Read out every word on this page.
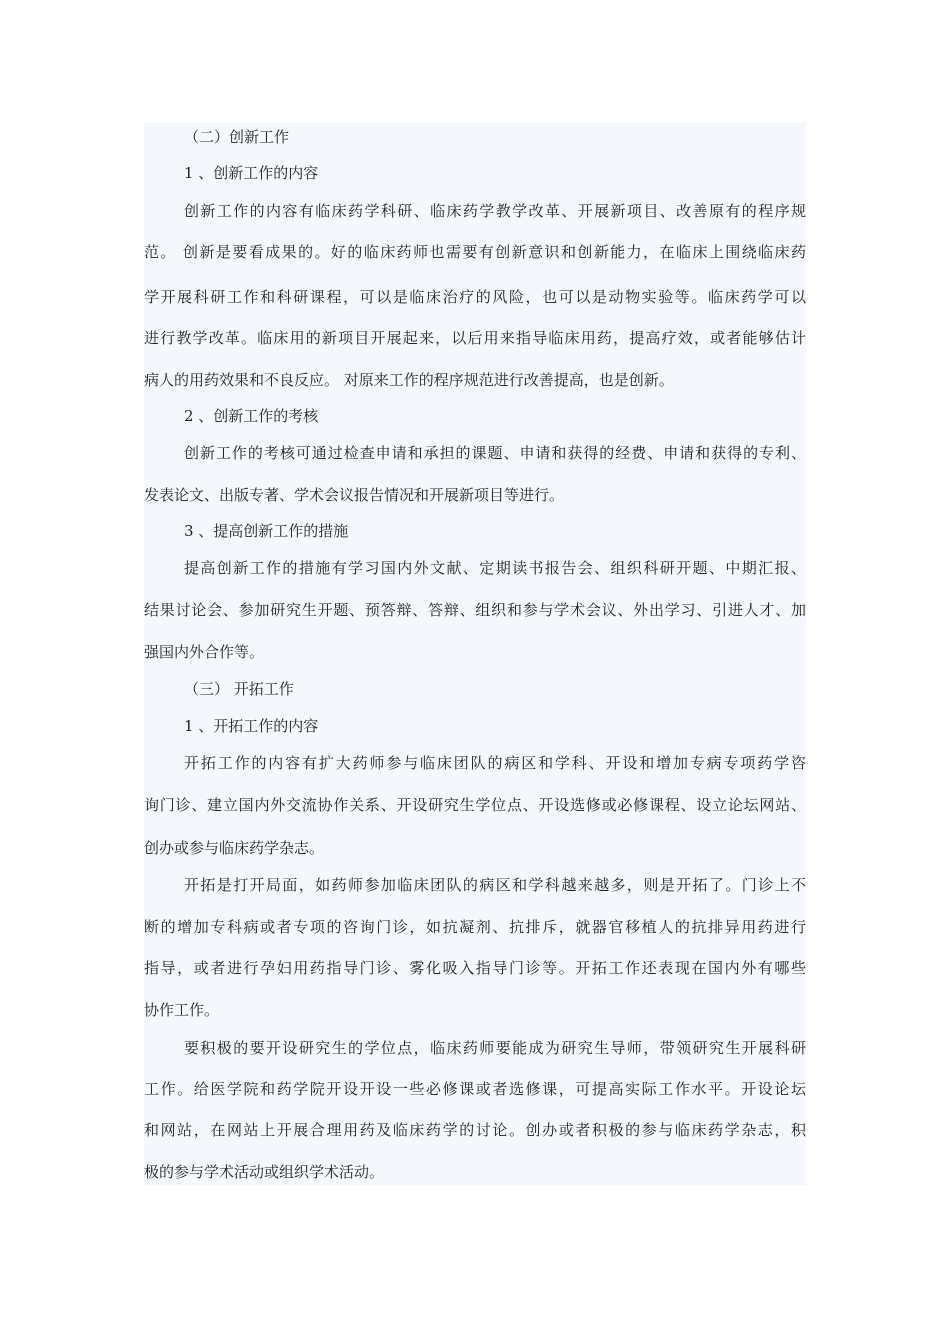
（二）创新工作
1 、创新工作的内容
创新工作的内容有临床药学科研、临床药学教学改革、开展新项目、改善原有的程序规
范。 创新是要看成果的。好的临床药师也需要有创新意识和创新能力，在临床上围绕临床药
学开展科研工作和科研课程，可以是临床治疗的风险，也可以是动物实验等。临床药学可以
进行教学改革。临床用的新项目开展起来，以后用来指导临床用药，提高疗效，或者能够估计
病人的用药效果和不良反应。 对原来工作的程序规范进行改善提高，也是创新。
2 、创新工作的考核
创新工作的考核可通过检查申请和承担的课题、申请和获得的经费、申请和获得的专利、
发表论文、出版专著、学术会议报告情况和开展新项目等进行。
3 、提高创新工作的措施
提高创新工作的措施有学习国内外文献、定期读书报告会、组织科研开题、中期汇报、
结果讨论会、参加研究生开题、预答辩、答辩、组织和参与学术会议、外出学习、引进人才、加
强国内外合作等。
（三） 开拓工作
1 、开拓工作的内容
开拓工作的内容有扩大药师参与临床团队的病区和学科、开设和增加专病专项药学咨
询门诊、建立国内外交流协作关系、开设研究生学位点、开设选修或必修课程、设立论坛网站、
创办或参与临床药学杂志。
开拓是打开局面，如药师参加临床团队的病区和学科越来越多，则是开拓了。门诊上不
断的增加专科病或者专项的咨询门诊，如抗凝剂、抗排斥，就器官移植人的抗排异用药进行
指导，或者进行孕妇用药指导门诊、雾化吸入指导门诊等。开拓工作还表现在国内外有哪些
协作工作。
要积极的要开设研究生的学位点，临床药师要能成为研究生导师，带领研究生开展科研
工作。给医学院和药学院开设开设一些必修课或者选修课，可提高实际工作水平。开设论坛
和网站，在网站上开展合理用药及临床药学的讨论。创办或者积极的参与临床药学杂志，积
极的参与学术活动或组织学术活动。
